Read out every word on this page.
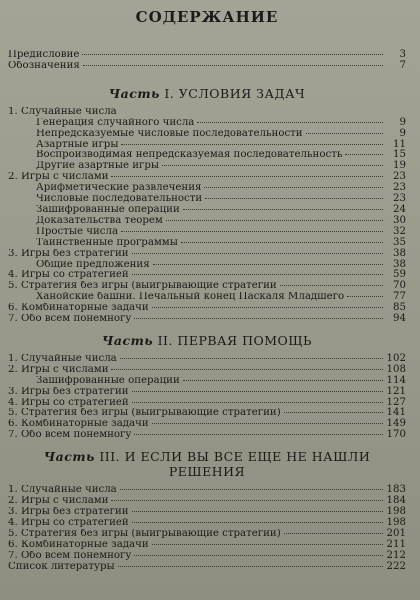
СОДЕРЖАНИЕ
Предисловие	3
Обозначения	7
Часть I. УСЛОВИЯ ЗАДАЧ
1. Случайные числа
Генерация случайного числа	9
Непредсказуемые числовые последовательности	9
Азартные игры	11
Воспроизводимая непредсказуемая последовательность	15
Другие азартные игры	19
2. Игры с числами	23
Арифметические развлечения	23
Числовые последовательности	23
Зашифрованные операции	24
Доказательства теорем	30
Простые числа	32
Таинственные программы	35
3. Игры без стратегии	38
Общие предложения	38
4. Игры со стратегией	59
5. Стратегия без игры (выигрывающие стратегии	70
Ханойские башни. Печальный конец Паскаля Младшего	77
6. Комбинаторные задачи	85
7. Обо всем понемногу	94
Часть II. ПЕРВАЯ ПОМОЩЬ
1. Случайные числа	102
2. Игры с числами	108
Зашифрованные операции	114
3. Игры без стратегии	121
4. Игры со стратегией	127
5. Стратегия без игры (выигрывающие стратегии)	141
6. Комбинаторные задачи	149
7. Обо всем понемногу	170
Часть III. И ЕСЛИ ВЫ ВСЕ ЕЩЕ НЕ НАШЛИ РЕШЕНИЯ
1. Случайные числа	183
2. Игры с числами	184
3. Игры без стратегии	198
4. Игры со стратегией	198
5. Стратегия без игры (выигрывающие стратегии)	201
6. Комбинаторные задачи	211
7. Обо всем понемногу	212
Список литературы	222
